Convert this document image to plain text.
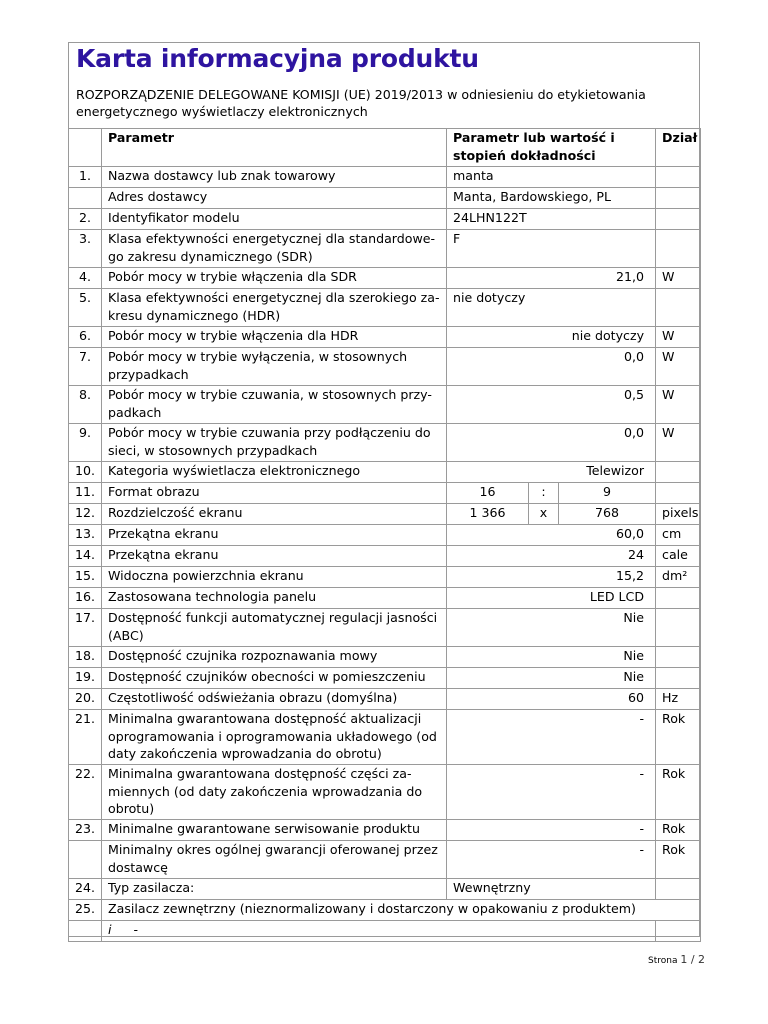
Karta informacyjna produktu
ROZPORZĄDZENIE DELEGOWANE KOMISJI (UE) 2019/2013 w odniesieniu do etykietowania energetycznego wyświetlaczy elektronicznych
	Parametr	Parametr lub wartość i stopień dokładności			Dział
1.	Nazwa dostawcy lub znak towarowy	manta			
	Adres dostawcy	Manta, Bardowskiego, PL			
2.	Identyfikator modelu	24LHN122T			
3.	Klasa efektywności energetycznej dla standardowe-go zakresu dynamicznego (SDR)	F			
4.	Pobór mocy w trybie włączenia dla SDR	21,0			W
5.	Klasa efektywności energetycznej dla szerokiego za-kresu dynamicznego (HDR)	nie dotyczy			
6.	Pobór mocy w trybie włączenia dla HDR	nie dotyczy			W
7.	Pobór mocy w trybie wyłączenia, w stosownych przypadkach	0,0			W
8.	Pobór mocy w trybie czuwania, w stosownych przy-padkach	0,5			W
9.	Pobór mocy w trybie czuwania przy podłączeniu do sieci, w stosownych przypadkach	0,0			W
10.	Kategoria wyświetlacza elektronicznego	Telewizor			
11.	Format obrazu	16	:	9	
12.	Rozdzielczość ekranu	1 366	x	768	pixels
13.	Przekątna ekranu	60,0			cm
14.	Przekątna ekranu	24			cale
15.	Widoczna powierzchnia ekranu	15,2			dm²
16.	Zastosowana technologia panelu	LED LCD			
17.	Dostępność funkcji automatycznej regulacji jasności (ABC)	Nie			
18.	Dostępność czujnika rozpoznawania mowy	Nie			
19.	Dostępność czujników obecności w pomieszczeniu	Nie			
20.	Częstotliwość odświeżania obrazu (domyślna)	60			Hz
21.	Minimalna gwarantowana dostępność aktualizacji oprogramowania i oprogramowania układowego (od daty zakończenia wprowadzania do obrotu)	-			Rok
22.	Minimalna gwarantowana dostępność części za-miennych (od daty zakończenia wprowadzania do obrotu)	-			Rok
23.	Minimalne gwarantowane serwisowanie produktu	-			Rok
	Minimalny okres ogólnej gwarancji oferowanej przez dostawcę	-			Rok
24.	Typ zasilacza:	Wewnętrzny			
25.	Zasilacz zewnętrzny (nieznormalizowany i dostarczony w opakowaniu z produktem)				
	i -				
Strona 1 / 2
